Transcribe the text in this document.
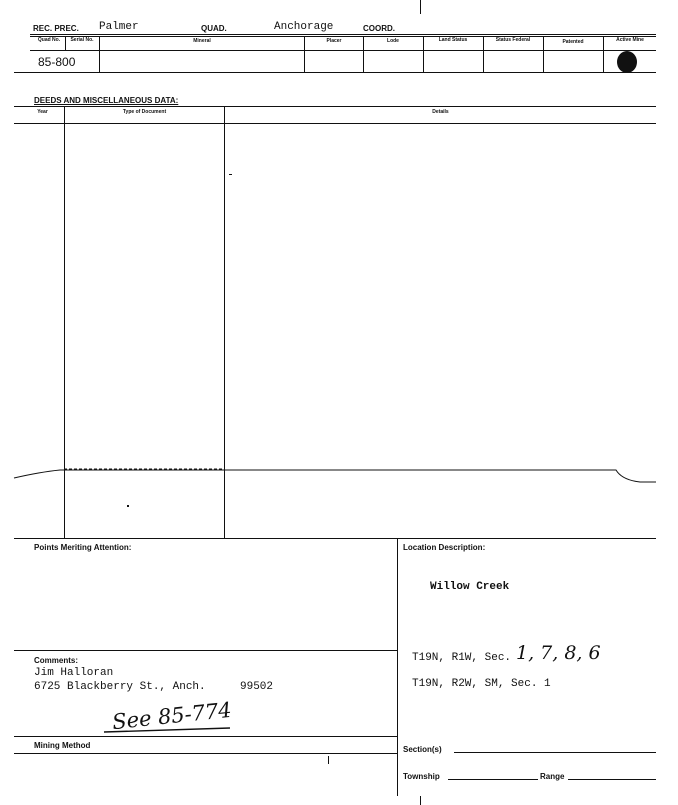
REC. PREC. Palmer	QUAD.	Anchorage	COORD.
Quad No.	Serial No.	Mineral	Placer	Lode	Land Status	Status Federal	Patented	Active Mine
85-800
DEEDS AND MISCELLANEOUS DATA:
Year	Type of Document	Details
Points Meriting Attention:	Location Description:
Willow Creek
Comments:
Jim Halloran
6725 Blackberry St., Anch.	99502
See 85-774
T19N, R1W, Sec. 1, 7, 8, 6
T19N, R2W, SM, Sec. 1
Mining Method	Section(s)
Township	Range
